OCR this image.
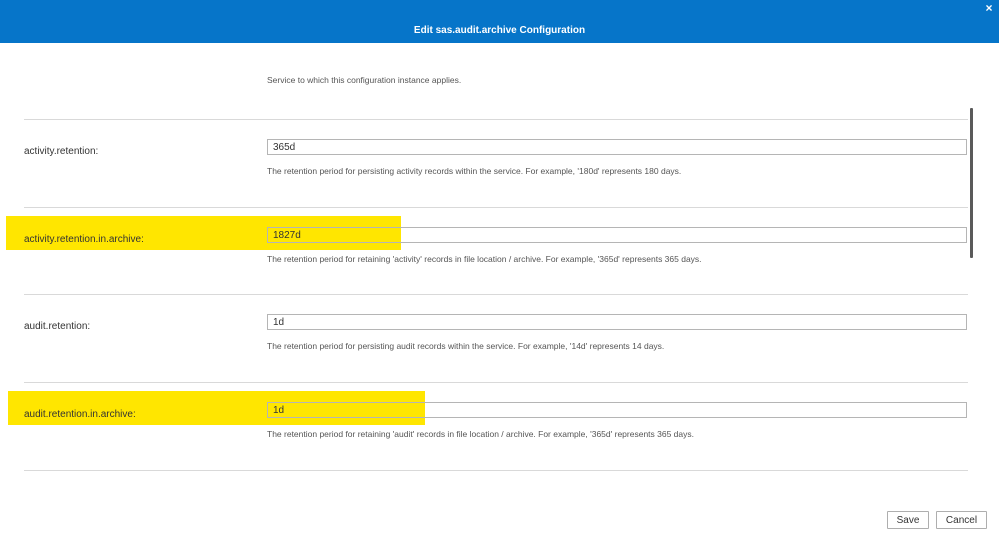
Edit sas.audit.archive Configuration
×
Service to which this configuration instance applies.
activity.retention:
365d
The retention period for persisting activity records within the service. For example, '180d' represents 180 days.
activity.retention.in.archive:
1827d
The retention period for retaining 'activity' records in file location / archive. For example, '365d' represents 365 days.
audit.retention:
1d
The retention period for persisting audit records within the service. For example, '14d' represents 14 days.
audit.retention.in.archive:
1d
The retention period for retaining 'audit' records in file location / archive. For example, '365d' represents 365 days.
Save	Cancel
